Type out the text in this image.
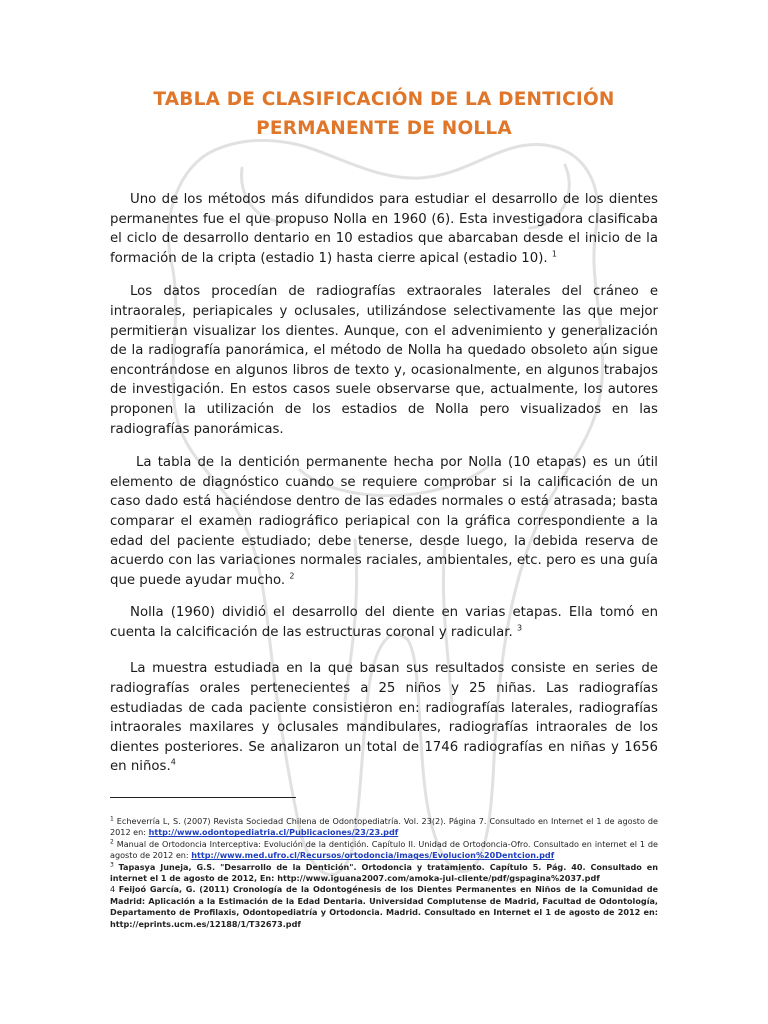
TABLA DE CLASIFICACIÓN DE LA DENTICIÓN
PERMANENTE DE NOLLA

Uno de los métodos más difundidos para estudiar el desarrollo de los dientes permanentes fue el que propuso Nolla en 1960 (6). Esta investigadora clasificaba el ciclo de desarrollo dentario en 10 estadios que abarcaban desde el inicio de la formación de la cripta (estadio 1) hasta cierre apical (estadio 10). $^1$

Los datos procedían de radiografías extraorales laterales del cráneo e intraorales, periapicales y oclusales, utilizándose selectivamente las que mejor permitieran visualizar los dientes. Aunque, con el advenimiento y generalización de la radiografía panorámica, el método de Nolla ha quedado obsoleto aún sigue encontrándose en algunos libros de texto y, ocasionalmente, en algunos trabajos de investigación. En estos casos suele observarse que, actualmente, los autores proponen la utilización de los estadios de Nolla pero visualizados en las radiografías panorámicas.

La tabla de la dentición permanente hecha por Nolla (10 etapas) es un útil elemento de diagnóstico cuando se requiere comprobar si la calificación de un caso dado está haciéndose dentro de las edades normales o está atrasada; basta comparar el examen radiográfico periapical con la gráfica correspondiente a la edad del paciente estudiado; debe tenerse, desde luego, la debida reserva de acuerdo con las variaciones normales raciales, ambientales, etc. pero es una guía que puede ayudar mucho. $^2$

Nolla (1960) dividió el desarrollo del diente en varias etapas. Ella tomó en cuenta la calcificación de las estructuras coronal y radicular. $^3$

La muestra estudiada en la que basan sus resultados consiste en series de radiografías orales pertenecientes a 25 niños y 25 niñas. Las radiografías estudiadas de cada paciente consistieron en: radiografías laterales, radiografías intraorales maxilares y oclusales mandibulares, radiografías intraorales de los dientes posteriores. Se analizaron un total de 1746 radiografías en niñas y 1656 en niños.$^4$

$^1$ Echeverría L, S. (2007) Revista Sociedad Chilena de Odontopediatría. Vol. 23(2). Página 7. Consultado en Internet el 1 de agosto de 2012 en: http://www.odontopediatria.cl/Publicaciones/23/23.pdf

$^2$ Manual de Ortodoncia Interceptiva: Evolución de la dentición. Capítulo II. Unidad de Ortodoncia-Ofro. Consultado en internet el 1 de agosto de 2012 en: http://www.med.ufro.cl/Recursos/ortodoncia/images/Evolucion%20Dentcion.pdf

$^3$ Tapasya Juneja, G.S. "Desarrollo de la Dentición". Ortodoncia y tratamiento. Capítulo 5. Pág. 40. Consultado en internet el 1 de agosto de 2012, En: http://www.iguana2007.com/amoka-jul-cliente/pdf/gspagina%2037.pdf

4 Feijoó García, G. (2011) Cronología de la Odontogénesis de los Dientes Permanentes en Niños de la Comunidad de Madrid: Aplicación a la Estimación de la Edad Dentaria. Universidad Complutense de Madrid, Facultad de Odontología, Departamento de Profilaxis, Odontopediatría y Ortodoncia. Madrid. Consultado en Internet el 1 de agosto de 2012 en: http://eprints.ucm.es/12188/1/T32673.pdf
